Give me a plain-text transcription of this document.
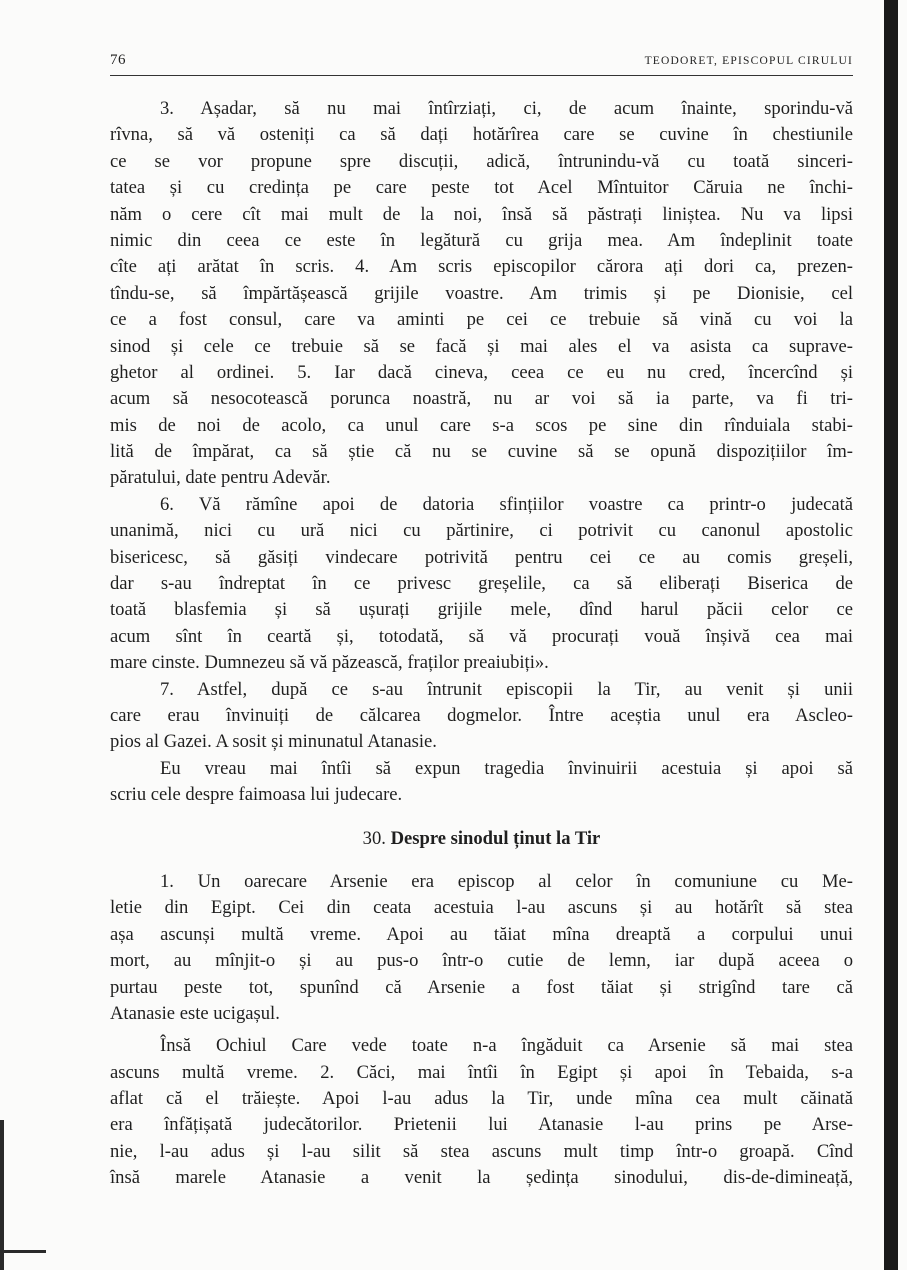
76	TEODORET, EPISCOPUL CIRULUI
3. Așadar, să nu mai întîrziați, ci, de acum înainte, sporindu-vă
rîvna, să vă osteniți ca să dați hotărîrea care se cuvine în chestiunile
ce se vor propune spre discuții, adică, întrunindu-vă cu toată sinceri-
tatea și cu credința pe care peste tot Acel Mîntuitor Căruia ne închi-
năm o cere cît mai mult de la noi, însă să păstrați liniștea. Nu va lipsi
nimic din ceea ce este în legătură cu grija mea. Am îndeplinit toate
cîte ați arătat în scris. 4. Am scris episcopilor cărora ați dori ca, prezen-
tîndu-se, să împărtășească grijile voastre. Am trimis și pe Dionisie, cel
ce a fost consul, care va aminti pe cei ce trebuie să vină cu voi la
sinod și cele ce trebuie să se facă și mai ales el va asista ca suprave-
ghetor al ordinei. 5. Iar dacă cineva, ceea ce eu nu cred, încercînd și
acum să nesocotească porunca noastră, nu ar voi să ia parte, va fi tri-
mis de noi de acolo, ca unul care s-a scos pe sine din rînduiala stabi-
lită de împărat, ca să știe că nu se cuvine să se opună dispozițiilor îm-
păratului, date pentru Adevăr.
6. Vă rămîne apoi de datoria sfințiilor voastre ca printr-o judecată
unanimă, nici cu ură nici cu părtinire, ci potrivit cu canonul apostolic
bisericesc, să găsiți vindecare potrivită pentru cei ce au comis greșeli,
dar s-au îndreptat în ce privesc greșelile, ca să eliberați Biserica de
toată blasfemia și să ușurați grijile mele, dînd harul păcii celor ce
acum sînt în ceartă și, totodată, să vă procurați vouă înșivă cea mai
mare cinste. Dumnezeu să vă păzească, fraților preaiubiți».
7. Astfel, după ce s-au întrunit episcopii la Tir, au venit și unii
care erau învinuiți de călcarea dogmelor. Între aceștia unul era Ascleo-
pios al Gazei. A sosit și minunatul Atanasie.
Eu vreau mai întîi să expun tragedia învinuirii acestuia și apoi să
scriu cele despre faimoasa lui judecare.
30. Despre sinodul ținut la Tir
1. Un oarecare Arsenie era episcop al celor în comuniune cu Me-
letie din Egipt. Cei din ceata acestuia l-au ascuns și au hotărît să stea
așa ascunși multă vreme. Apoi au tăiat mîna dreaptă a corpului unui
mort, au mînjit-o și au pus-o într-o cutie de lemn, iar după aceea o
purtau peste tot, spunînd că Arsenie a fost tăiat și strigînd tare că
Atanasie este ucigașul.
Însă Ochiul Care vede toate n-a îngăduit ca Arsenie să mai stea
ascuns multă vreme. 2. Căci, mai întîi în Egipt și apoi în Tebaida, s-a
aflat că el trăiește. Apoi l-au adus la Tir, unde mîna cea mult căinată
era înfățișată judecătorilor. Prietenii lui Atanasie l-au prins pe Arse-
nie, l-au adus și l-au silit să stea ascuns mult timp într-o groapă. Cînd
însă marele Atanasie a venit la ședința sinodului, dis-de-dimineață,
